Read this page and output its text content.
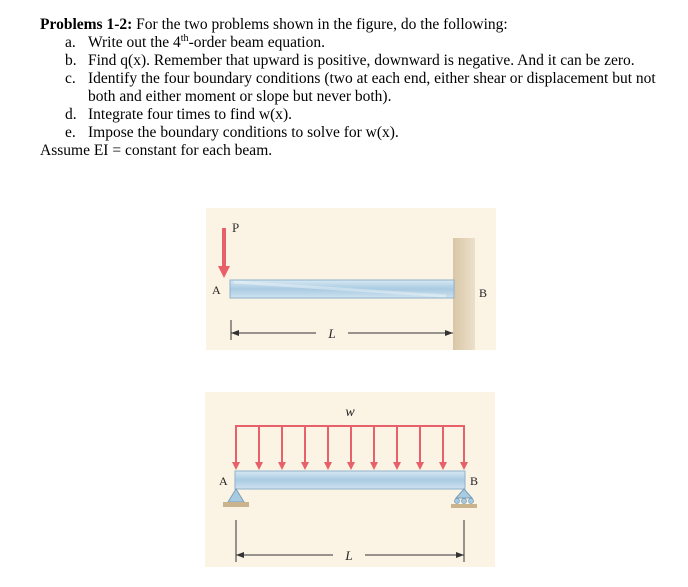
Problems 1-2: For the two problems shown in the figure, do the following:
a. Write out the 4th-order beam equation.
b. Find q(x). Remember that upward is positive, downward is negative. And it can be zero.
c. Identify the four boundary conditions (two at each end, either shear or displacement but not both and either moment or slope but never both).
d. Integrate four times to find w(x).
e. Impose the boundary conditions to solve for w(x).
Assume EI = constant for each beam.
P
A	B
L
w
A	B
L
